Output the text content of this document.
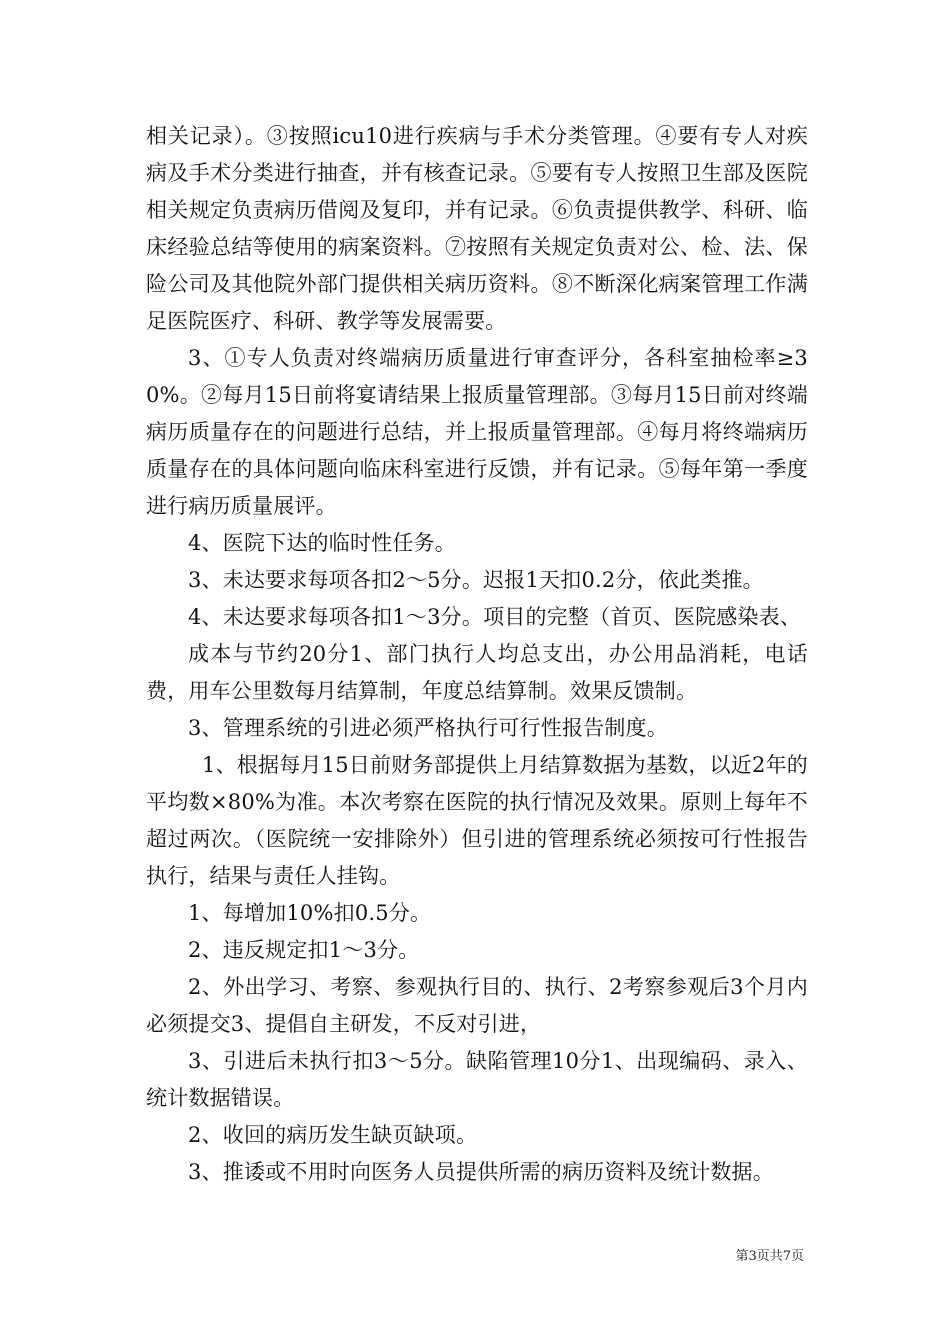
相关记录）。③按照icu10进行疾病与手术分类管理。④要有专人对疾病及手术分类进行抽查，并有核查记录。⑤要有专人按照卫生部及医院相关规定负责病历借阅及复印，并有记录。⑥负责提供教学、科研、临床经验总结等使用的病案资料。⑦按照有关规定负责对公、检、法、保险公司及其他院外部门提供相关病历资料。⑧不断深化病案管理工作满足医院医疗、科研、教学等发展需要。

3、①专人负责对终端病历质量进行审查评分，各科室抽检率≥30%。②每月15日前将宴请结果上报质量管理部。③每月15日前对终端病历质量存在的问题进行总结，并上报质量管理部。④每月将终端病历质量存在的具体问题向临床科室进行反馈，并有记录。⑤每年第一季度进行病历质量展评。

4、医院下达的临时性任务。

3、未达要求每项各扣2～5分。迟报1天扣0.2分，依此类推。

4、未达要求每项各扣1～3分。项目的完整（首页、医院感染表、

成本与节约20分1、部门执行人均总支出，办公用品消耗，电话费，用车公里数每月结算制，年度总结算制。效果反馈制。

3、管理系统的引进必须严格执行可行性报告制度。

1、根据每月15日前财务部提供上月结算数据为基数，以近2年的平均数×80%为准。本次考察在医院的执行情况及效果。原则上每年不超过两次。（医院统一安排除外）但引进的管理系统必须按可行性报告执行，结果与责任人挂钩。

1、每增加10%扣0.5分。

2、违反规定扣1～3分。

2、外出学习、考察、参观执行目的、执行、2考察参观后3个月内必须提交3、提倡自主研发，不反对引进，

3、引进后未执行扣3～5分。缺陷管理10分1、出现编码、录入、统计数据错误。

2、收回的病历发生缺页缺项。

3、推诿或不用时向医务人员提供所需的病历资料及统计数据。

第3页共7页
